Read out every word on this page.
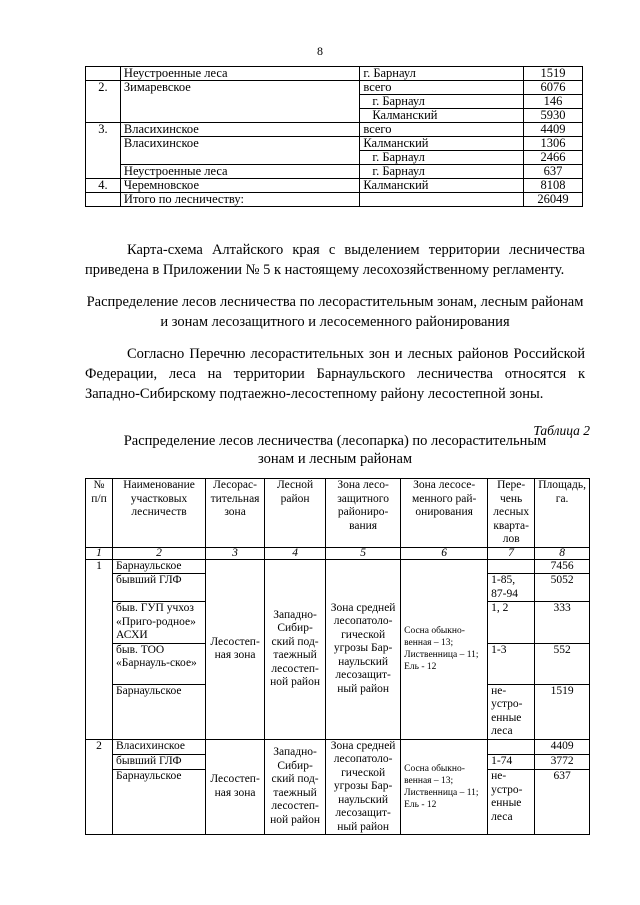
8
	Неустроенные леса	г. Барнаул	1519
2.	Зимаревское	всего	6076
		г. Барнаул	146
		Калманский	5930
3.	Власихинское	всего	4409
	Власихинское	Калманский	1306
		г. Барнаул	2466
	Неустроенные леса	г. Барнаул	637
4.	Черемновское	Калманский	8108
	Итого по лесничеству:		26049
Карта-схема Алтайского края с выделением территории лесничества приведена в Приложении № 5 к настоящему лесохозяйственному регламенту.
Распределение лесов лесничества по лесорастительным зонам, лесным районам и зонам лесозащитного и лесосеменного районирования
Согласно Перечню лесорастительных зон и лесных районов Российской Федерации, леса на территории Барнаульского лесничества относятся к Западно-Сибирскому подтаежно-лесостепному району лесостепной зоны.
Таблица 2
Распределение лесов лесничества (лесопарка) по лесорастительным зонам и лесным районам
№ п/п	Наименование участковых лесничеств	Лесорас-тительная зона	Лесной район	Зона лесо-защитного райониро-вания	Зона лесосе-менного рай-онирования	Пере-чень лесных кварта-лов	Площадь, га.
1	2	3	4	5	6	7	8
1	Барнаульское	Лесостеп-ная зона	Западно-Сибир-ский под-таежный лесостеп-ной район	Зона средней лесопатоло-гической угрозы Бар-наульский лесозащит-ный район	Сосна обыкно-венная – 13; Лиственница – 11; Ель - 12		7456
	бывший ГЛФ					1-85, 87-94	5052
	быв. ГУП учхоз «Приго-родное» АСХИ					1, 2	333
	быв. ТОО «Барнауль-ское»					1-3	552
	Барнаульское					не-устро-енные леса	1519
2	Власихинское	Лесостеп-ная зона	Западно-Сибир-ский под-таежный лесостеп-ной район	Зона средней лесопатоло-гической угрозы Бар-наульский лесозащит-ный район	Сосна обыкно-венная – 13; Лиственница – 11; Ель - 12		4409
	бывший ГЛФ					1-74	3772
	Барнаульское					не-устро-енные леса	637
